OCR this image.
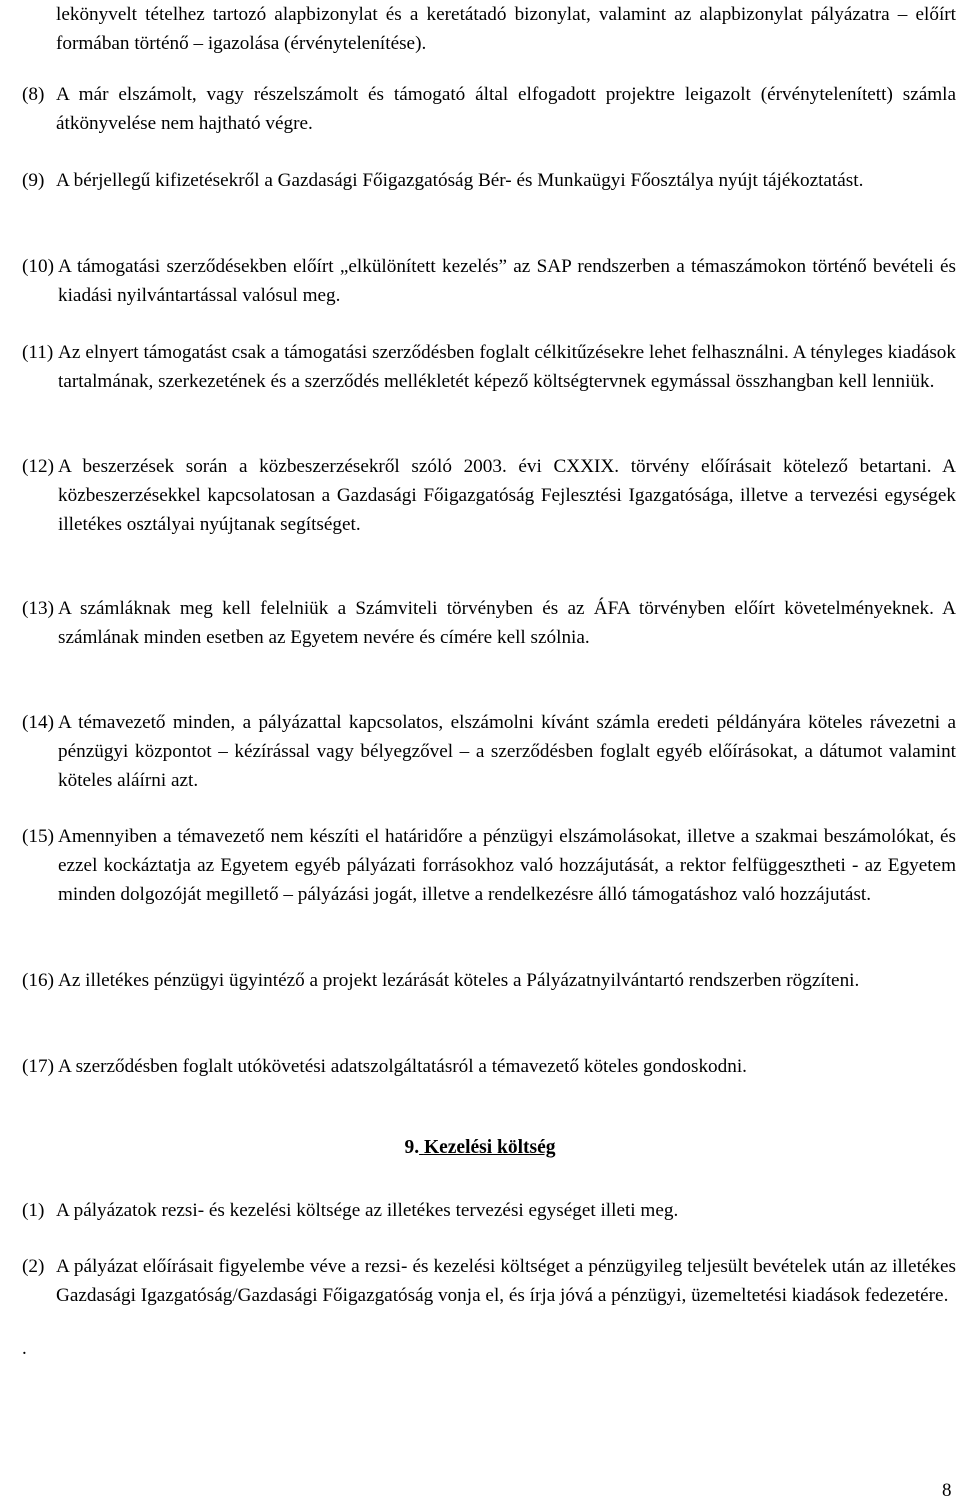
lekönyvelt tételhez tartozó alapbizonylat és a keretátadó bizonylat, valamint az alapbizonylat pályázatra – előírt formában történő – igazolása (érvénytelenítése).
(8) A már elszámolt, vagy részelszámolt és támogató által elfogadott projektre leigazolt (érvénytelenített) számla átkönyvelése nem hajtható végre.
(9) A bérjellegű kifizetésekről a Gazdasági Főigazgatóság Bér- és Munkaügyi Főosztálya nyújt tájékoztatást.
(10) A támogatási szerződésekben előírt „elkülönített kezelés” az SAP rendszerben a témaszámokon történő bevételi és kiadási nyilvántartással valósul meg.
(11) Az elnyert támogatást csak a támogatási szerződésben foglalt célkitűzésekre lehet felhasználni. A tényleges kiadások tartalmának, szerkezetének és a szerződés mellékletét képező költségtervnek egymással összhangban kell lenniük.
(12) A beszerzések során a közbeszerzésekről szóló 2003. évi CXXIX. törvény előírásait kötelező betartani. A közbeszerzésekkel kapcsolatosan a Gazdasági Főigazgatóság Fejlesztési Igazgatósága, illetve a tervezési egységek illetékes osztályai nyújtanak segítséget.
(13) A számláknak meg kell felelniük a Számviteli törvényben és az ÁFA törvényben előírt követelményeknek. A számlának minden esetben az Egyetem nevére és címére kell szólnia.
(14) A témavezető minden, a pályázattal kapcsolatos, elszámolni kívánt számla eredeti példányára köteles rávezetni a pénzügyi központot – kézírással vagy bélyegzővel – a szerződésben foglalt egyéb előírásokat, a dátumot valamint köteles aláírni azt.
(15) Amennyiben a témavezető nem készíti el határidőre a pénzügyi elszámolásokat, illetve a szakmai beszámolókat, és ezzel kockáztatja az Egyetem egyéb pályázati forrásokhoz való hozzájutását, a rektor felfüggesztheti - az Egyetem minden dolgozóját megillető – pályázási jogát, illetve a rendelkezésre álló támogatáshoz való hozzájutást.
(16) Az illetékes pénzügyi ügyintéző a projekt lezárását köteles a Pályázatnyilvántartó rendszerben rögzíteni.
(17) A szerződésben foglalt utókövetési adatszolgáltatásról a témavezető köteles gondoskodni.
9. Kezelési költség
(1) A pályázatok rezsi- és kezelési költsége az illetékes tervezési egységet illeti meg.
(2) A pályázat előírásait figyelembe véve a rezsi- és kezelési költséget a pénzügyileg teljesült bevételek után az illetékes Gazdasági Igazgatóság/Gazdasági Főigazgatóság vonja el, és írja jóvá a pénzügyi, üzemeltetési kiadások fedezetére.
.
8
